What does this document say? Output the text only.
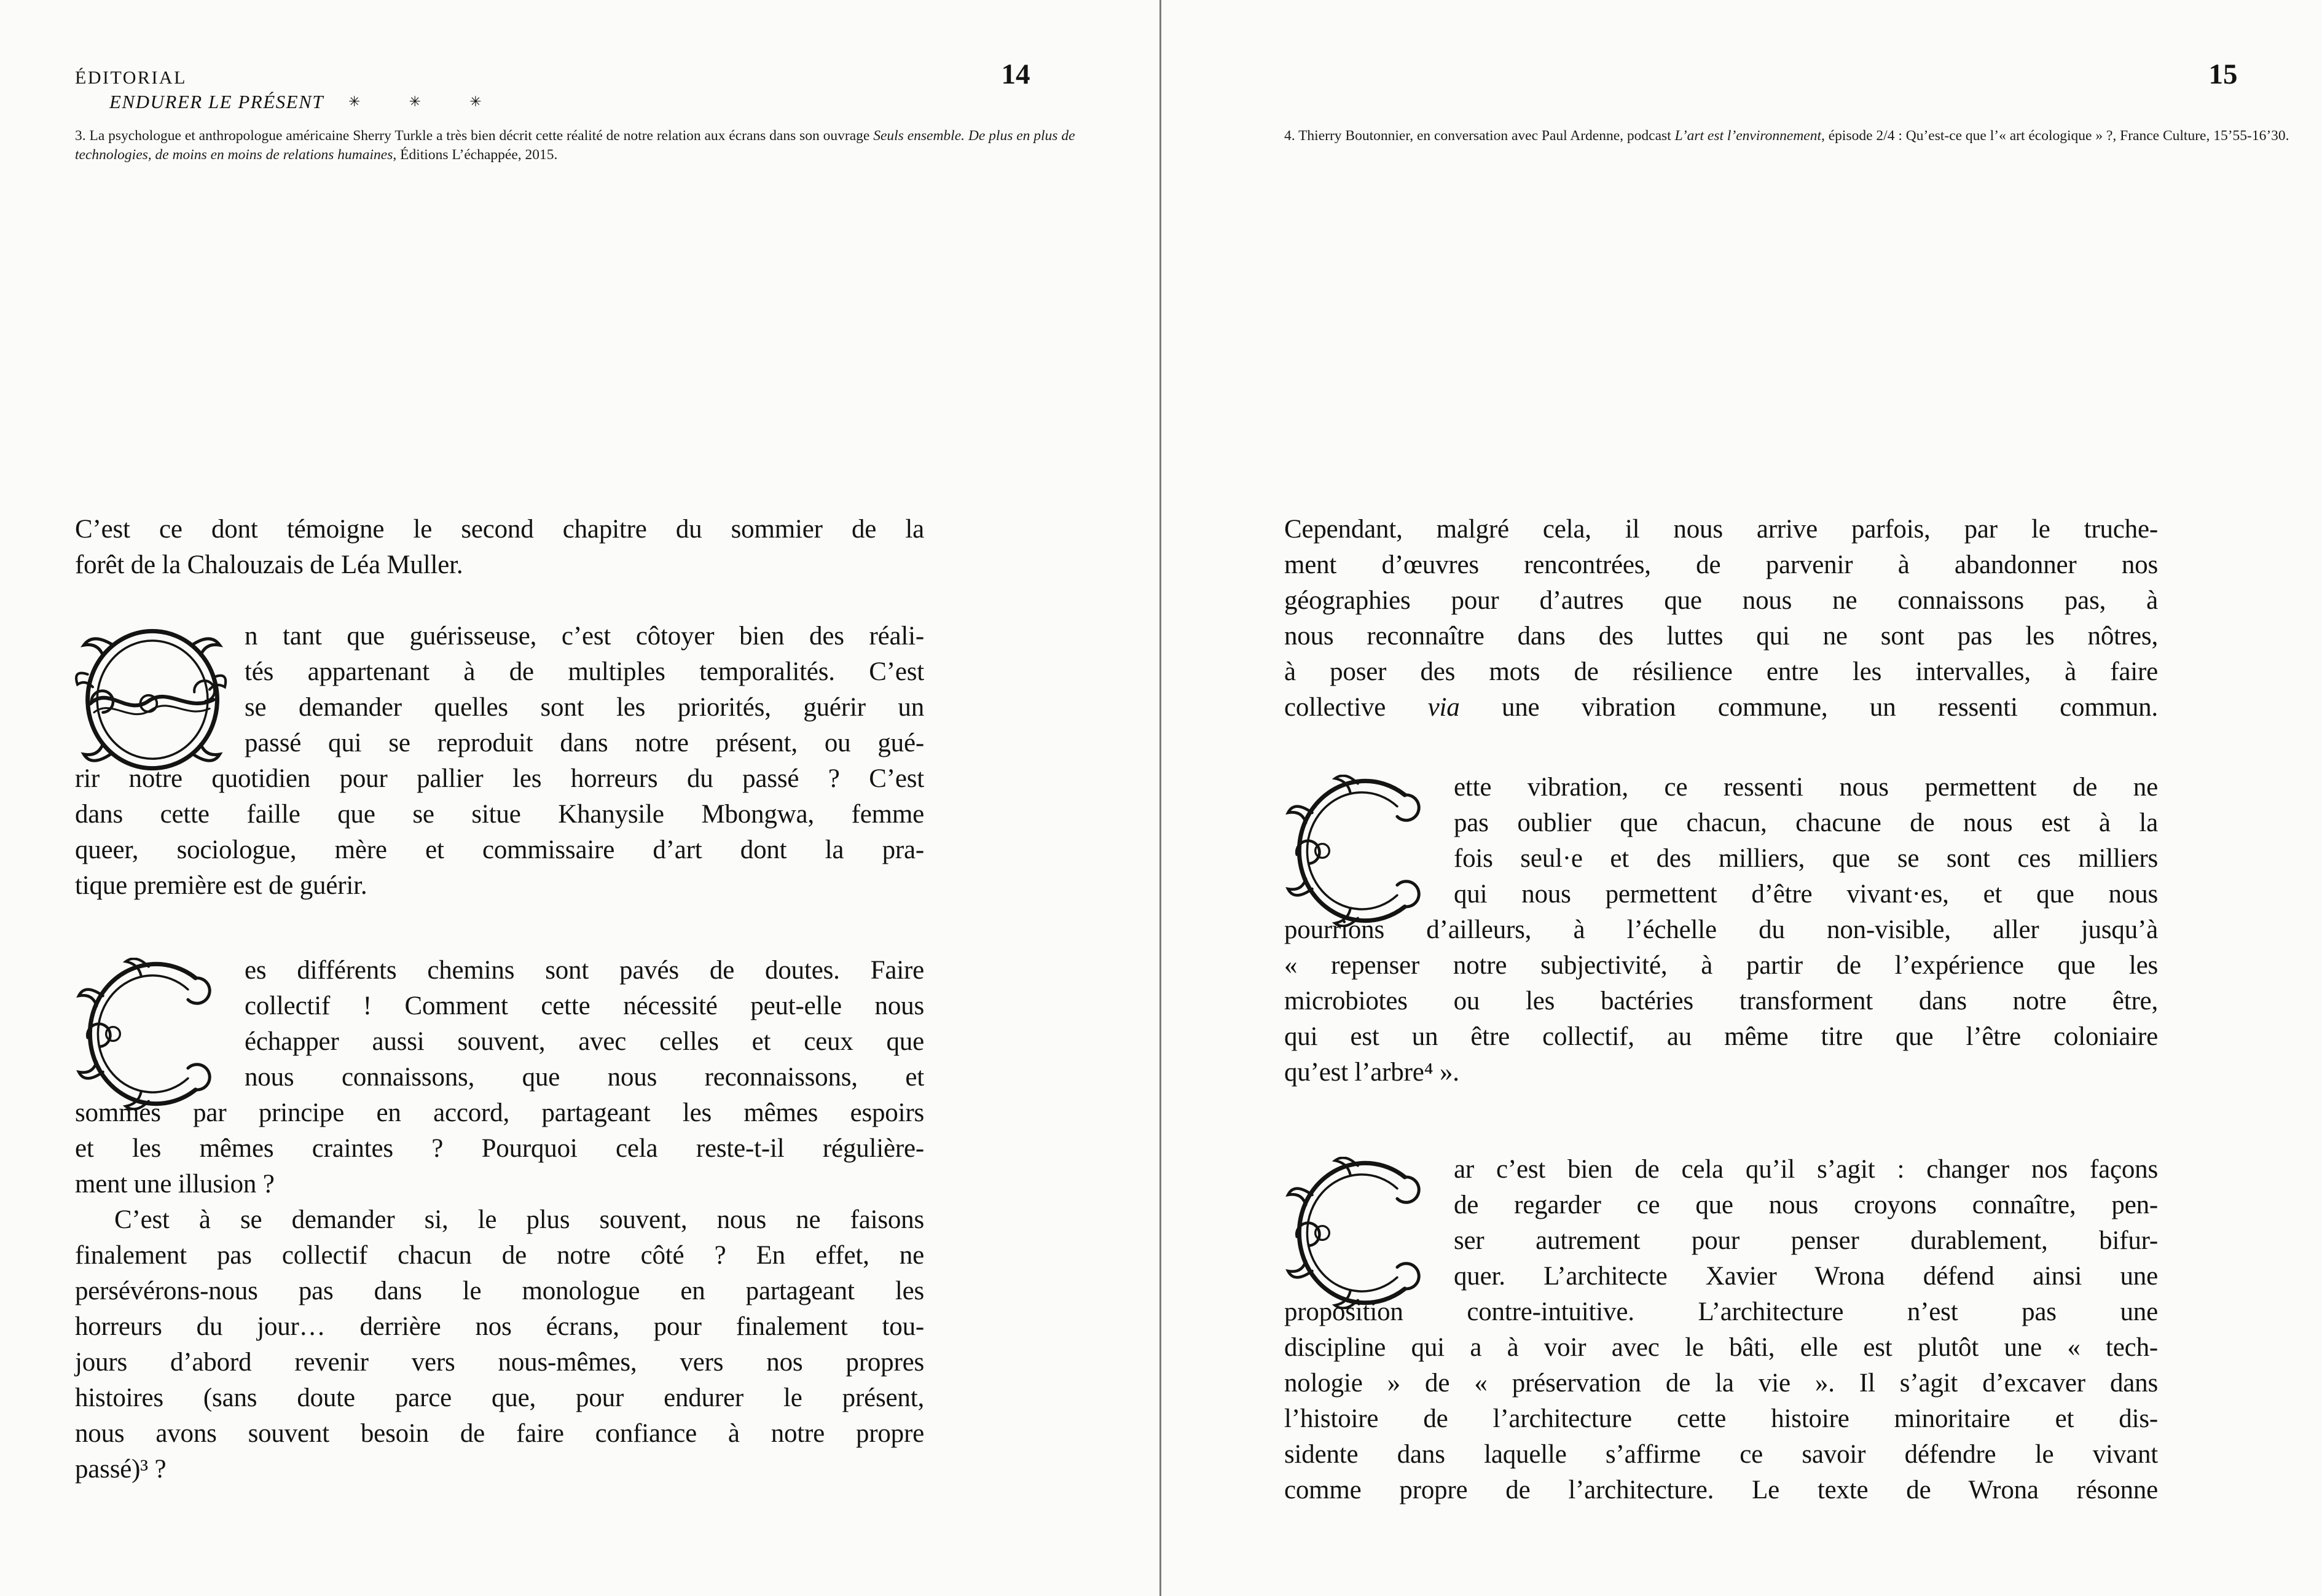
ÉDITORIAL
ENDURER LE PRÉSENT ✳ ✳ ✳
14	15
3. La psychologue et anthropologue américaine Sherry Turkle a très bien décrit cette réalité de notre relation aux écrans dans son ouvrage Seuls ensemble. De plus en plus de technologies, de moins en moins de relations humaines, Éditions L’échappée, 2015.
4. Thierry Boutonnier, en conversation avec Paul Ardenne, podcast L’art est l’environnement, épisode 2/4 : Qu’est-ce que l’« art écologique » ?, France Culture, 15’55-16’30.
C’est ce dont témoigne le second chapitre du sommier de la
forêt de la Chalouzais de Léa Muller.
n tant que guérisseuse, c’est côtoyer bien des réali-
tés appartenant à de multiples temporalités. C’est
se demander quelles sont les priorités, guérir un
passé qui se reproduit dans notre présent, ou gué-
rir notre quotidien pour pallier les horreurs du passé ? C’est
dans cette faille que se situe Khanysile Mbongwa, femme
queer, sociologue, mère et commissaire d’art dont la pra-
tique première est de guérir.
es différents chemins sont pavés de doutes. Faire
collectif ! Comment cette nécessité peut-elle nous
échapper aussi souvent, avec celles et ceux que
nous connaissons, que nous reconnaissons, et
sommes par principe en accord, partageant les mêmes espoirs
et les mêmes craintes ? Pourquoi cela reste-t-il régulière-
ment une illusion ?
C’est à se demander si, le plus souvent, nous ne faisons
finalement pas collectif chacun de notre côté ? En effet, ne
persévérons-nous pas dans le monologue en partageant les
horreurs du jour… derrière nos écrans, pour finalement tou-
jours d’abord revenir vers nous-mêmes, vers nos propres
histoires (sans doute parce que, pour endurer le présent,
nous avons souvent besoin de faire confiance à notre propre
passé)³ ?
Cependant, malgré cela, il nous arrive parfois, par le truche-
ment d’œuvres rencontrées, de parvenir à abandonner nos
géographies pour d’autres que nous ne connaissons pas, à
nous reconnaître dans des luttes qui ne sont pas les nôtres,
à poser des mots de résilience entre les intervalles, à faire
collective via une vibration commune, un ressenti commun.
ette vibration, ce ressenti nous permettent de ne
pas oublier que chacun, chacune de nous est à la
fois seul·e et des milliers, que se sont ces milliers
qui nous permettent d’être vivant·es, et que nous
pourrions d’ailleurs, à l’échelle du non-visible, aller jusqu’à
« repenser notre subjectivité, à partir de l’expérience que les
microbiotes ou les bactéries transforment dans notre être,
qui est un être collectif, au même titre que l’être coloniaire
qu’est l’arbre⁴ ».
ar c’est bien de cela qu’il s’agit : changer nos façons
de regarder ce que nous croyons connaître, pen-
ser autrement pour penser durablement, bifur-
quer. L’architecte Xavier Wrona défend ainsi une
proposition contre-intuitive. L’architecture n’est pas une
discipline qui a à voir avec le bâti, elle est plutôt une « tech-
nologie » de « préservation de la vie ». Il s’agit d’excaver dans
l’histoire de l’architecture cette histoire minoritaire et dis-
sidente dans laquelle s’affirme ce savoir défendre le vivant
comme propre de l’architecture. Le texte de Wrona résonne
